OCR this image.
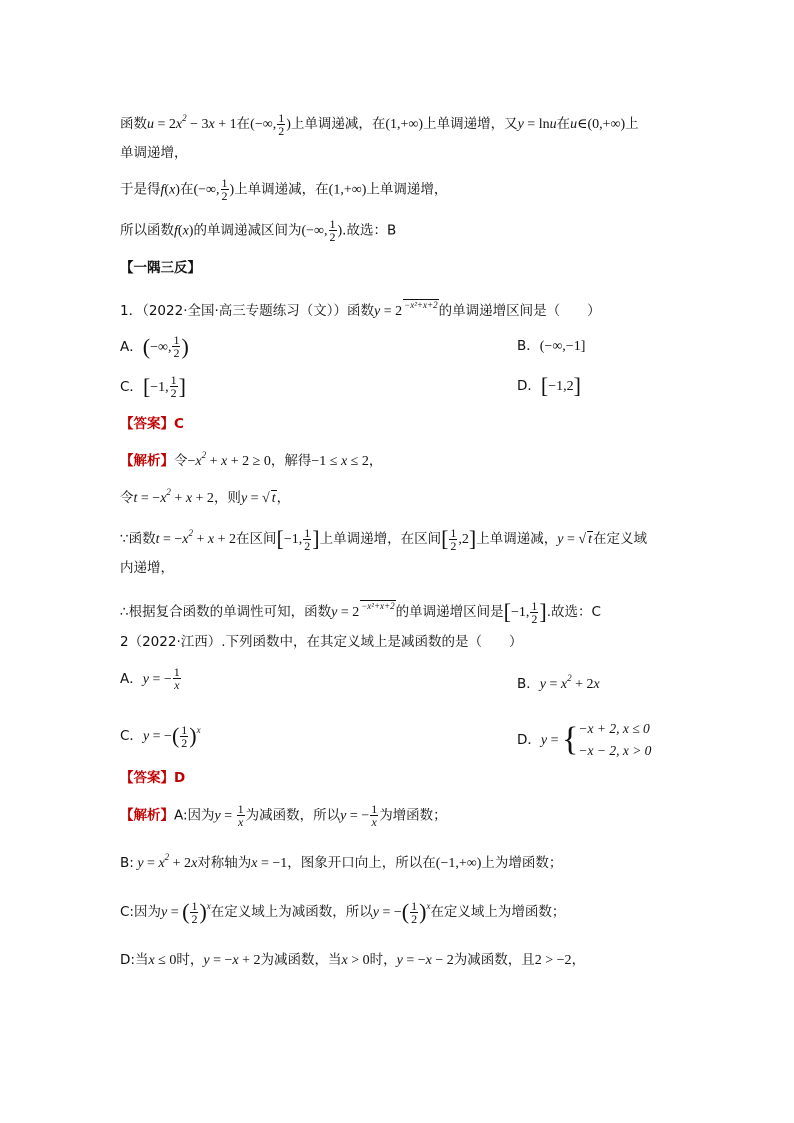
函数$u = 2x^2 - 3x + 1$在(−∞, $\frac{1}{2}$ )上单调递减，在(1,+∞)上单调递增，又y = lnu在u∈(0,+∞)上
单调递增，
于是得f(x)在(−∞, $\frac{1}{2}$ )上单调递减，在(1,+∞)上单调递增，
所以函数f(x)的单调递减区间为(−∞, $\frac{1}{2}$ ).故选：B
【一隅三反】
1．（2022·全国·高三专题练习（文））函数y = 2 $^{-x^2+x+2}$的单调递增区间是（　　）
A．(−∞, $\frac{1}{2}$ )	B．(−∞,−1]
C．[−1, $\frac{1}{2}$ ]	D．[−1,2]
【答案】C
【解析】令$-x^2 + x + 2 \ge 0$，解得−1 ≤ x ≤ 2，
令$t = -x^2 + x + 2$，则y = √ t，
∵函数$t = -x^2 + x + 2$在区间[−1, $\frac{1}{2}$ ]上单调递增，在区间[ $\frac{1}{2} ,2$]上单调递减，y = √ t在定义域
内递增，
∴根据复合函数的单调性可知，函数y = 2 $^{-x^2+x+2}$的单调递增区间是[−1, $\frac{1}{2}$ ].故选：C
2（2022·江西）.下列函数中，在其定义域上是减函数的是（　　）
A．y = − $\frac{1}{x}$	B．$y = x^2 + 2x$
C．y = −( $\frac{1}{2} )^x$
D．y = {−x + 2, x ≤ 0
−x − 2, x > 0
【答案】D
【解析】A:因为$y = \frac{1}{x}$ 为减函数，所以y = − $\frac{1}{x}$ 为增函数；
B: $y = x^2 + 2x$对称轴为x = −1，图象开口向上，所以在(−1,+∞)上为增函数；
C:因为y = ( $\frac{1}{2} )^x$在定义域上为减函数，所以y = −( $\frac{1}{2} )^x$在定义域上为增函数；
D:当x ≤ 0时，y = −x + 2为减函数，当x > 0时，y = −x − 2为减函数，且2 > −2，
